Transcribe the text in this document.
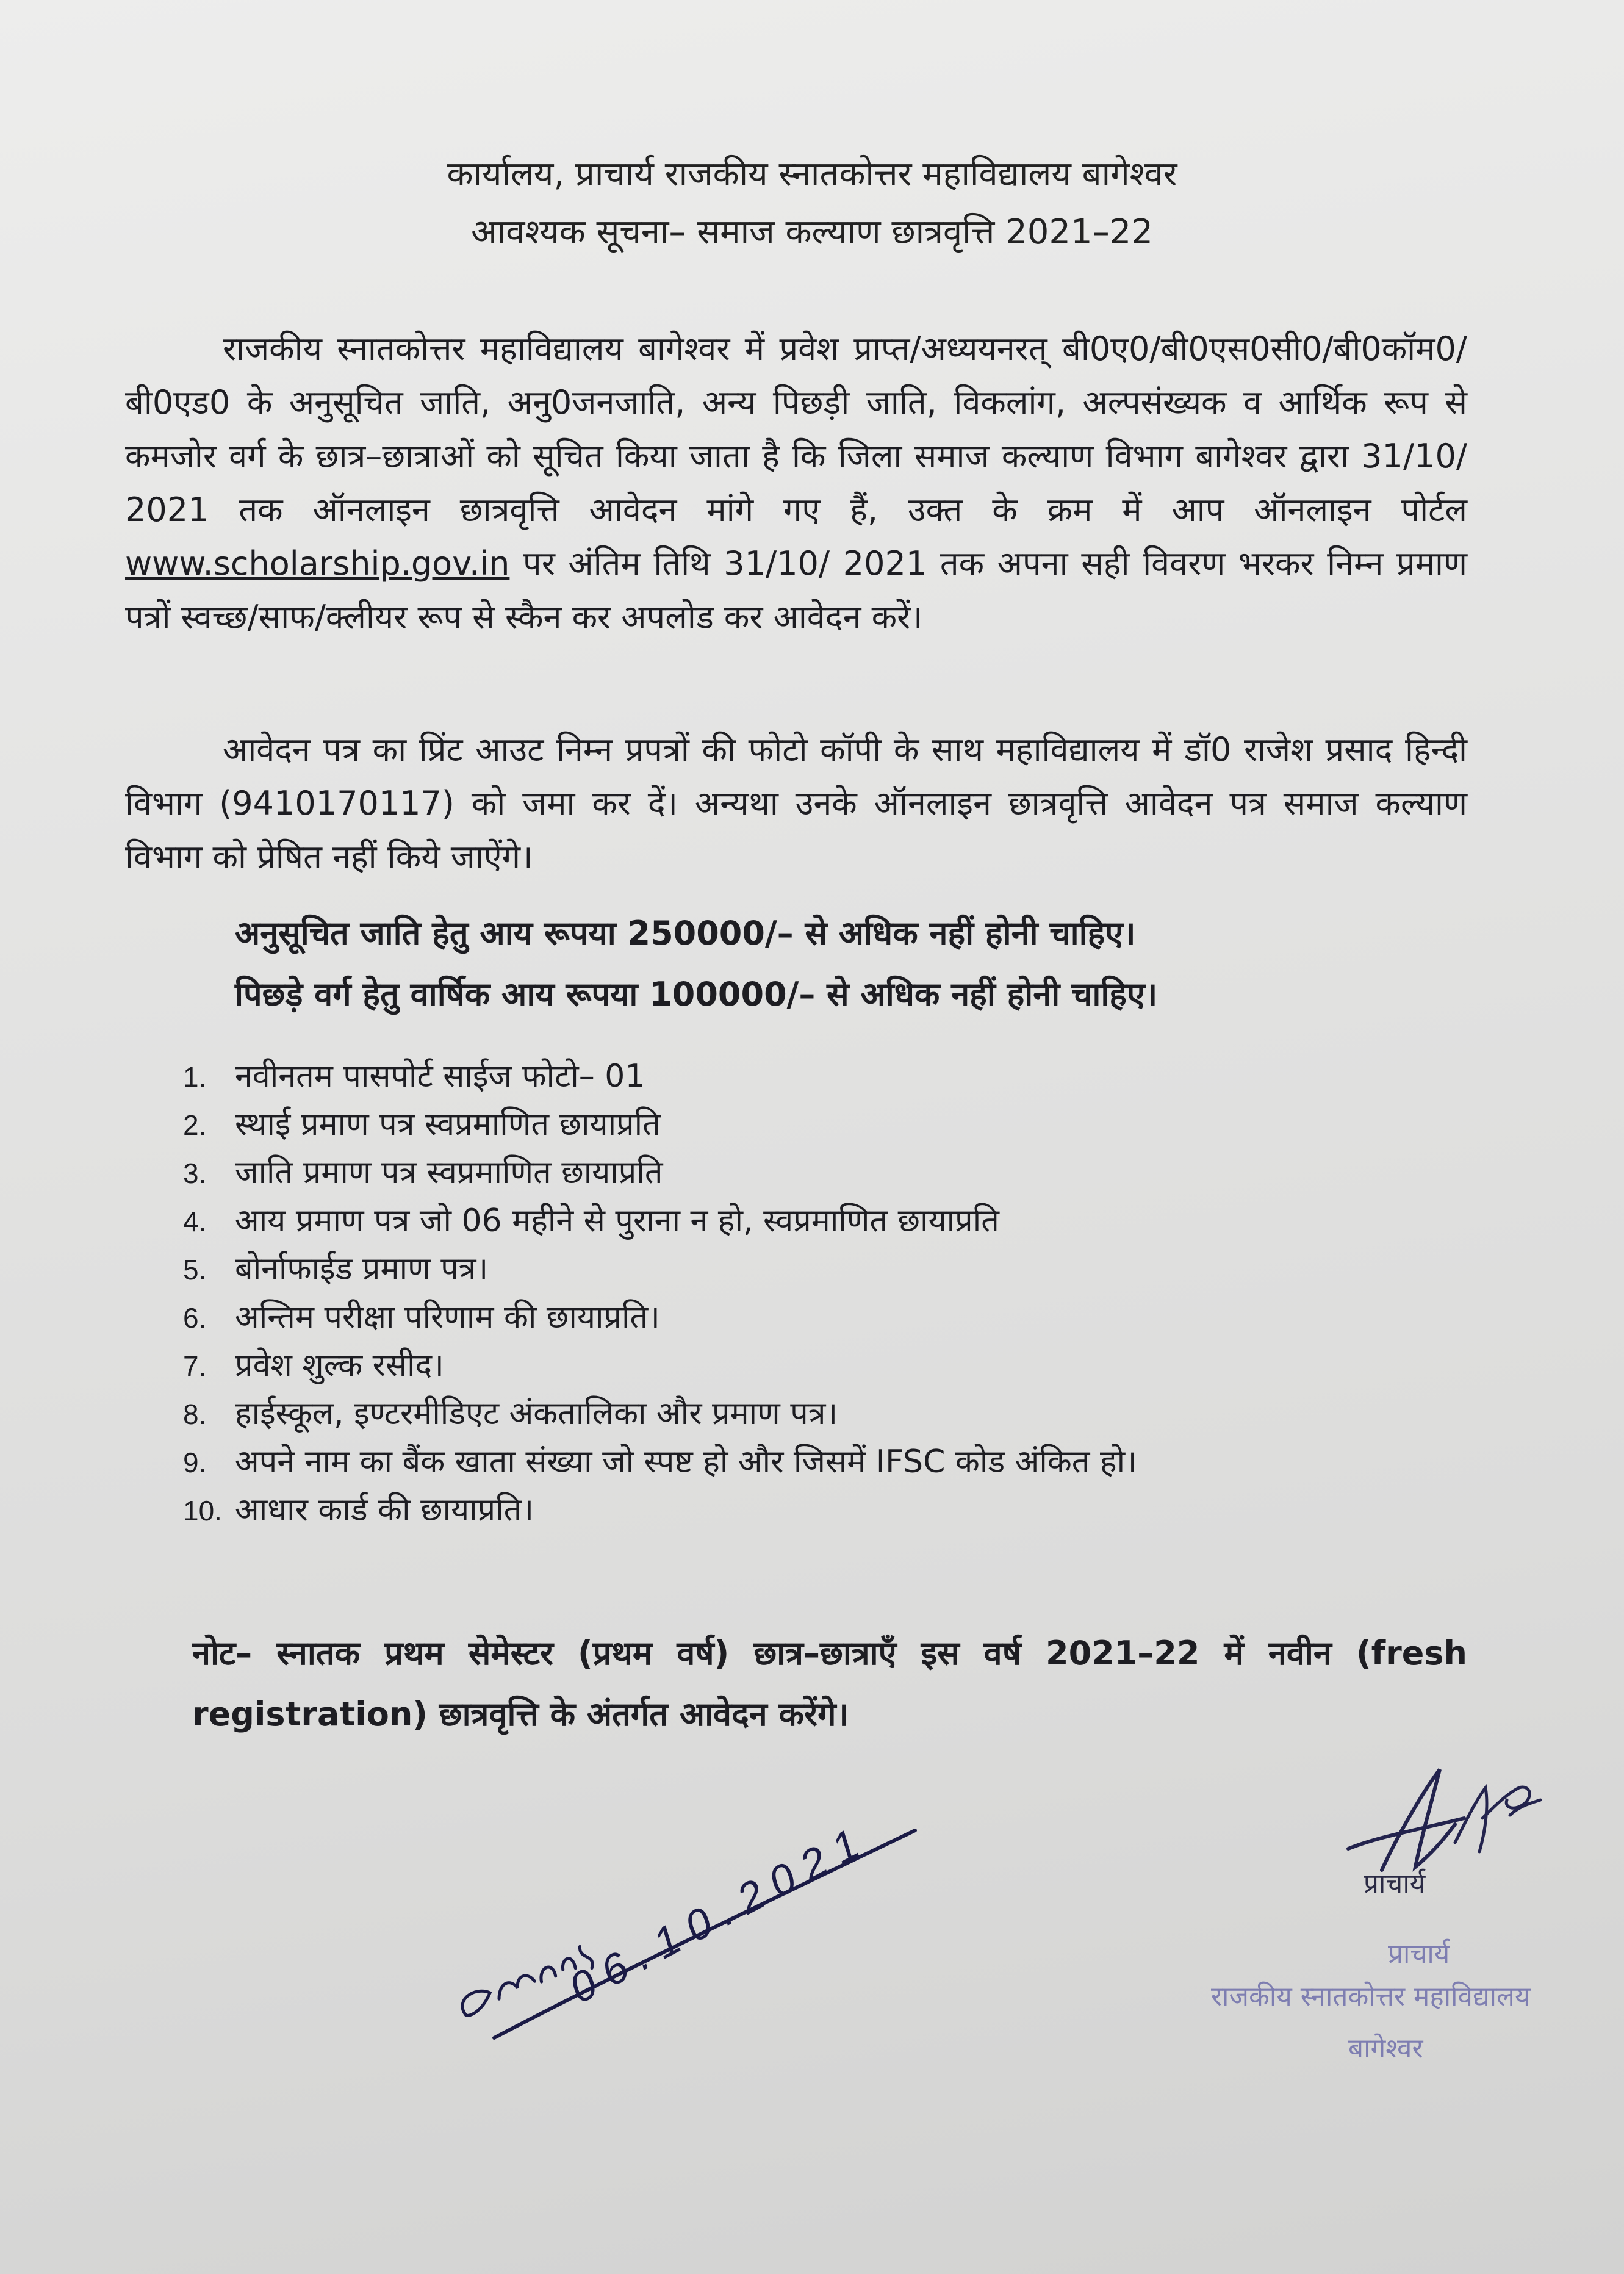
कार्यालय, प्राचार्य राजकीय स्नातकोत्तर महाविद्यालय बागेश्वर
आवश्यक सूचना– समाज कल्याण छात्रवृत्ति 2021–22
राजकीय स्नातकोत्तर महाविद्यालय बागेश्वर में प्रवेश प्राप्त/अध्ययनरत् बी0ए0/बी0एस0सी0/बी0कॉम0/बी0एड0 के अनुसूचित जाति, अनु0जनजाति, अन्य पिछड़ी जाति, विकलांग, अल्पसंख्यक व आर्थिक रूप से कमजोर वर्ग के छात्र–छात्राओं को सूचित किया जाता है कि जिला समाज कल्याण विभाग बागेश्वर द्वारा 31/10/ 2021 तक ऑनलाइन छात्रवृत्ति आवेदन मांगे गए हैं, उक्त के क्रम में आप ऑनलाइन पोर्टल www.scholarship.gov.in पर अंतिम तिथि 31/10/ 2021 तक अपना सही विवरण भरकर निम्न प्रमाण पत्रों स्वच्छ/साफ/क्लीयर रूप से स्कैन कर अपलोड कर आवेदन करें।
आवेदन पत्र का प्रिंट आउट निम्न प्रपत्रों की फोटो कॉपी के साथ महाविद्यालय में डॉ0 राजेश प्रसाद हिन्दी विभाग (9410170117) को जमा कर दें। अन्यथा उनके ऑनलाइन छात्रवृत्ति आवेदन पत्र समाज कल्याण विभाग को प्रेषित नहीं किये जाऐंगे।
अनुसूचित जाति हेतु आय रूपया 250000/– से अधिक नहीं होनी चाहिए।
पिछड़े वर्ग हेतु वार्षिक आय रूपया 100000/– से अधिक नहीं होनी चाहिए।
1. नवीनतम पासपोर्ट साईज फोटो– 01
2. स्थाई प्रमाण पत्र स्वप्रमाणित छायाप्रति
3. जाति प्रमाण पत्र स्वप्रमाणित छायाप्रति
4. आय प्रमाण पत्र जो 06 महीने से पुराना न हो, स्वप्रमाणित छायाप्रति
5. बोर्नाफाईड प्रमाण पत्र।
6. अन्तिम परीक्षा परिणाम की छायाप्रति।
7. प्रवेश शुल्क रसीद।
8. हाईस्कूल, इण्टरमीडिएट अंकतालिका और प्रमाण पत्र।
9. अपने नाम का बैंक खाता संख्या जो स्पष्ट हो और जिसमें IFSC कोड अंकित हो।
10. आधार कार्ड की छायाप्रति।
नोट– स्नातक प्रथम सेमेस्टर (प्रथम वर्ष) छात्र–छात्राएँ इस वर्ष 2021–22 में नवीन (fresh registration) छात्रवृत्ति के अंतर्गत आवेदन करेंगे।
प्राचार्य
प्राचार्य
राजकीय स्नातकोत्तर महाविद्यालय
बागेश्वर
0 6 . 1 0 . 2 0 2 1
